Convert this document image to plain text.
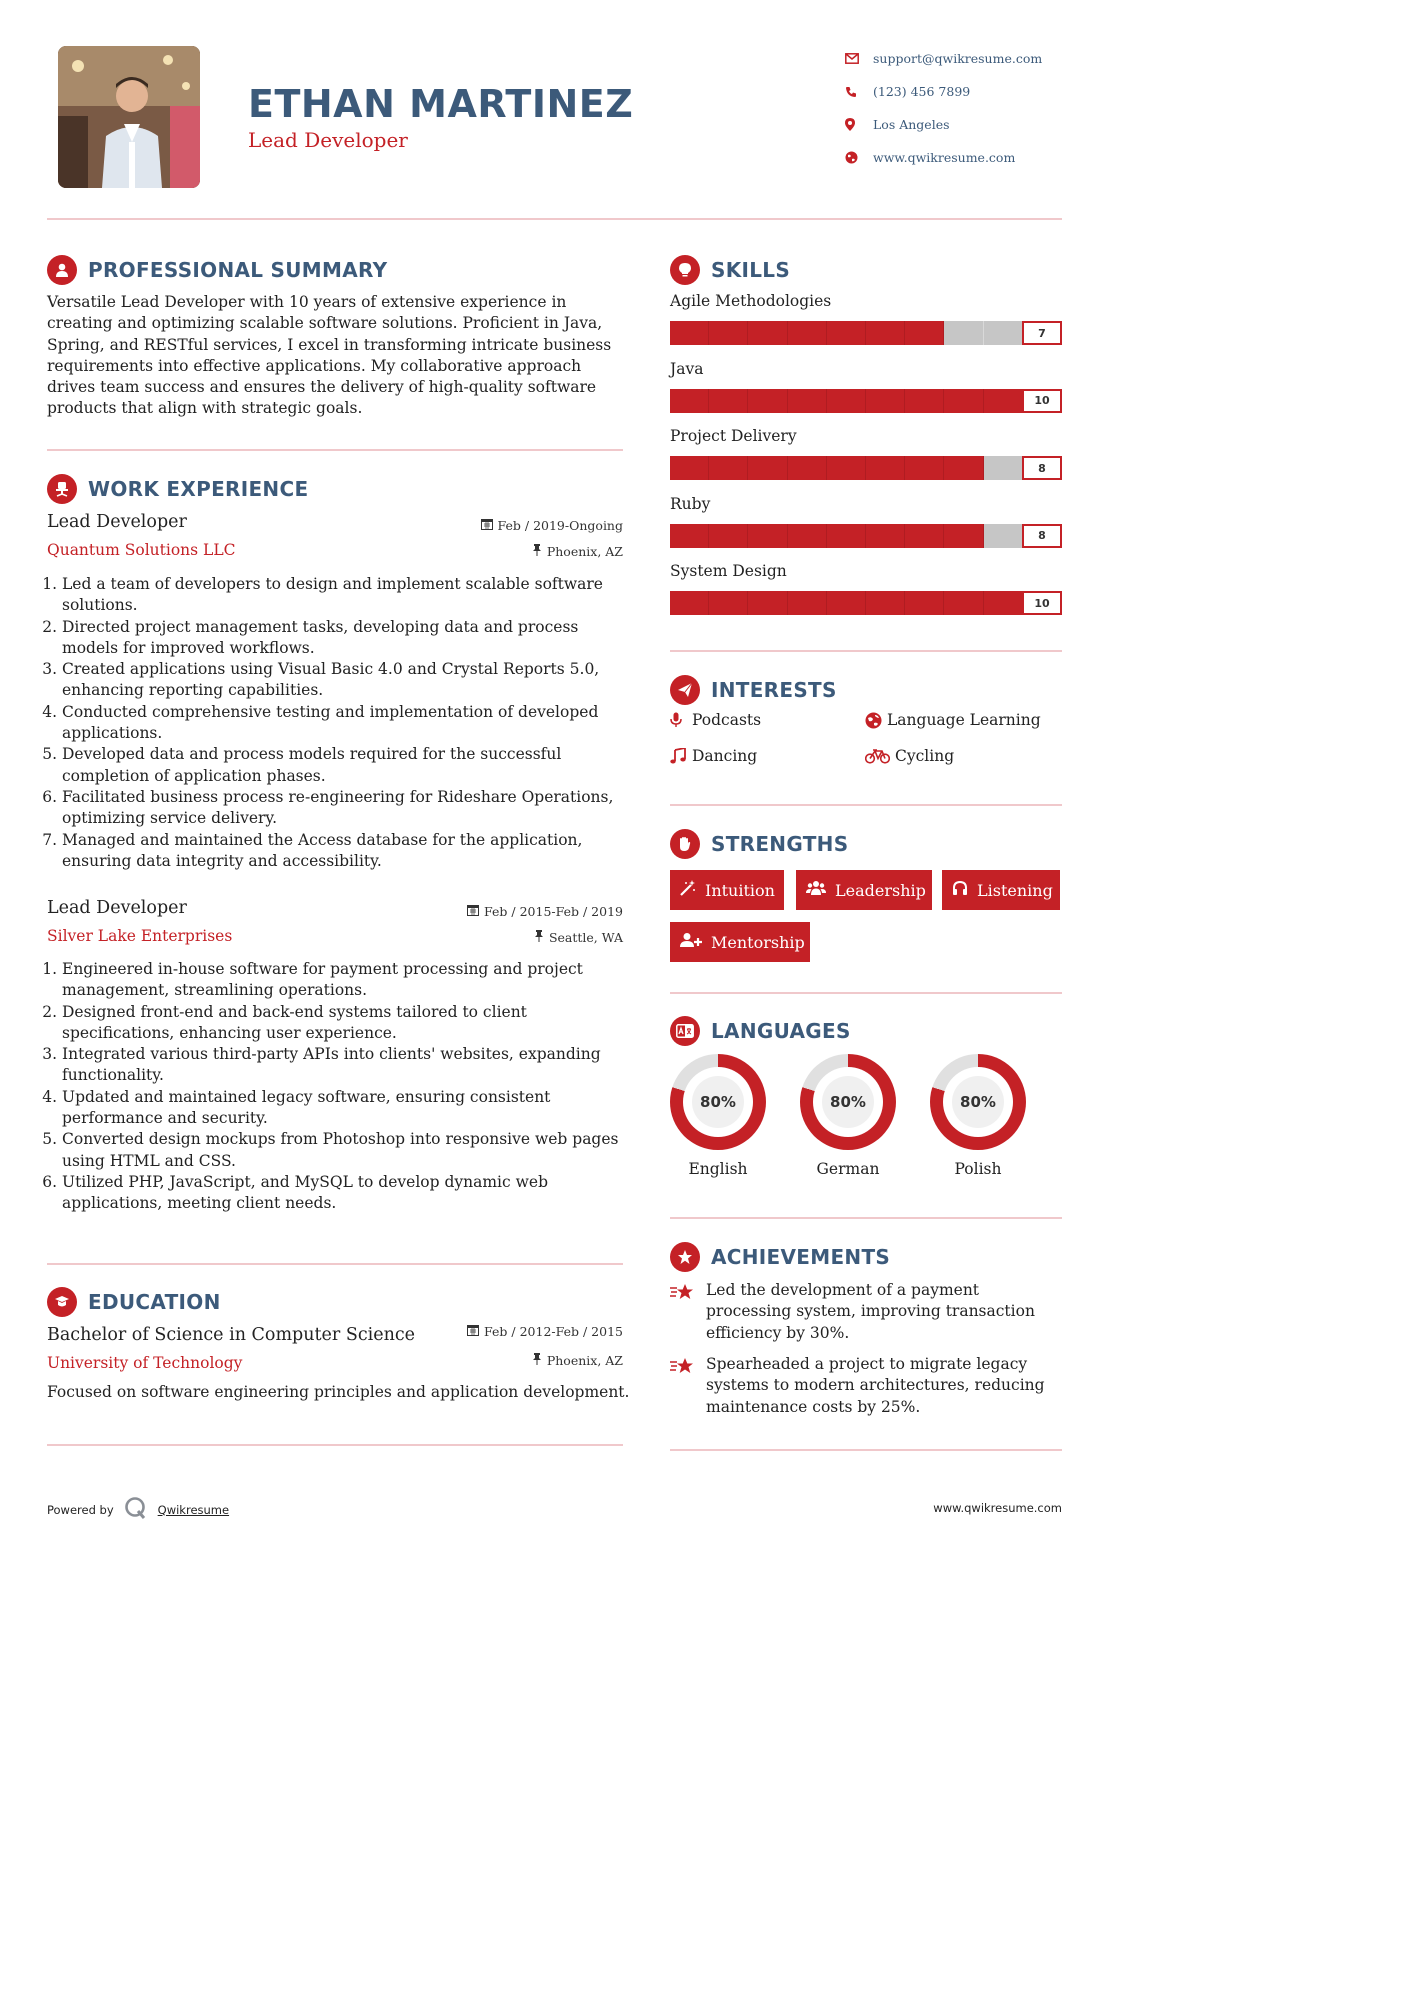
ETHAN MARTINEZ
Lead Developer
support@qwikresume.com
(123) 456 7899
Los Angeles
www.qwikresume.com
PROFESSIONAL SUMMARY
Versatile Lead Developer with 10 years of extensive experience in creating and optimizing scalable software solutions. Proficient in Java, Spring, and RESTful services, I excel in transforming intricate business requirements into effective applications. My collaborative approach drives team success and ensures the delivery of high-quality software products that align with strategic goals.
WORK EXPERIENCE
Lead Developer	Feb / 2019-Ongoing
Quantum Solutions LLC	Phoenix, AZ
1. Led a team of developers to design and implement scalable software solutions.
2. Directed project management tasks, developing data and process models for improved workflows.
3. Created applications using Visual Basic 4.0 and Crystal Reports 5.0, enhancing reporting capabilities.
4. Conducted comprehensive testing and implementation of developed applications.
5. Developed data and process models required for the successful completion of application phases.
6. Facilitated business process re-engineering for Rideshare Operations, optimizing service delivery.
7. Managed and maintained the Access database for the application, ensuring data integrity and accessibility.
Lead Developer	Feb / 2015-Feb / 2019
Silver Lake Enterprises	Seattle, WA
1. Engineered in-house software for payment processing and project management, streamlining operations.
2. Designed front-end and back-end systems tailored to client specifications, enhancing user experience.
3. Integrated various third-party APIs into clients' websites, expanding functionality.
4. Updated and maintained legacy software, ensuring consistent performance and security.
5. Converted design mockups from Photoshop into responsive web pages using HTML and CSS.
6. Utilized PHP, JavaScript, and MySQL to develop dynamic web applications, meeting client needs.
EDUCATION
Bachelor of Science in Computer Science	Feb / 2012-Feb / 2015
University of Technology	Phoenix, AZ
Focused on software engineering principles and application development.
SKILLS
Agile Methodologies
7
Java
10
Project Delivery
8
Ruby
8
System Design
10
INTERESTS
Podcasts	Language Learning
Dancing	Cycling
STRENGTHS
Intuition	Leadership	Listening
Mentorship
LANGUAGES
80%
English
80%
German
80%
Polish
ACHIEVEMENTS
Led the development of a payment processing system, improving transaction efficiency by 30%.
Spearheaded a project to migrate legacy systems to modern architectures, reducing maintenance costs by 25%.
Powered by	Qwikresume	www.qwikresume.com
